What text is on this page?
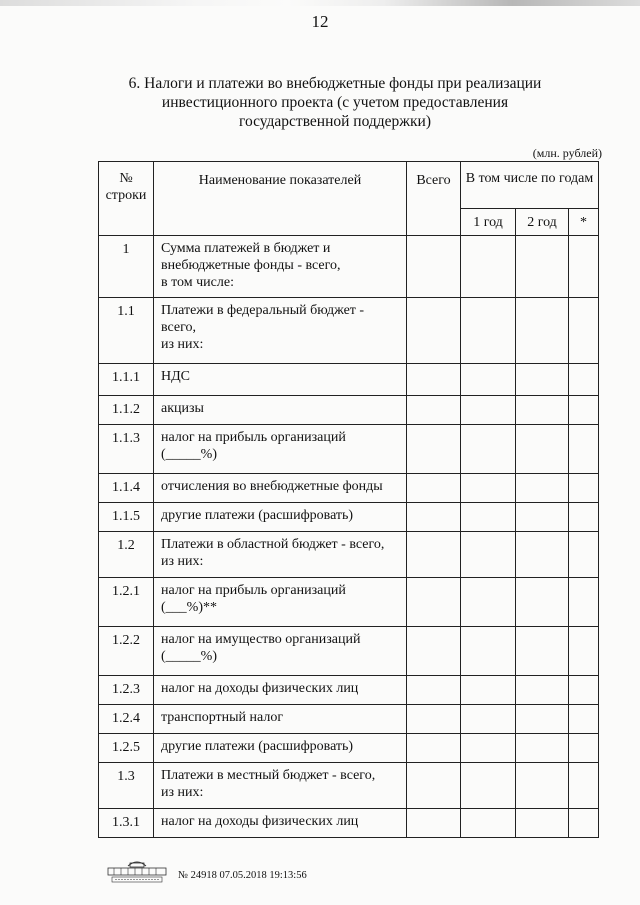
12
6. Налоги и платежи во внебюджетные фонды при реализации
инвестиционного проекта (с учетом предоставления
государственной поддержки)
(млн. рублей)
№ строки	Наименование показателей	Всего	В том числе по годам		
			1 год	2 год	*
1	Сумма платежей в бюджет и
внебюджетные фонды - всего,
в том числе:				

1.1	Платежи в федеральный бюджет -
всего,
из них:				

1.1.1	НДС				

1.1.2	акцизы				

1.1.3	налог на прибыль организаций
(_____%)				

1.1.4	отчисления во внебюджетные фонды				

1.1.5	другие платежи (расшифровать)				

1.2	Платежи в областной бюджет - всего,
из них:				

1.2.1	налог на прибыль организаций
(___%)**				

1.2.2	налог на имущество организаций
(_____%)				

1.2.3	налог на доходы физических лиц				

1.2.4	транспортный налог				

1.2.5	другие платежи (расшифровать)				

1.3	Платежи в местный бюджет - всего,
из них:				

1.3.1	налог на доходы физических лиц				

№ 24918 07.05.2018 19:13:56
